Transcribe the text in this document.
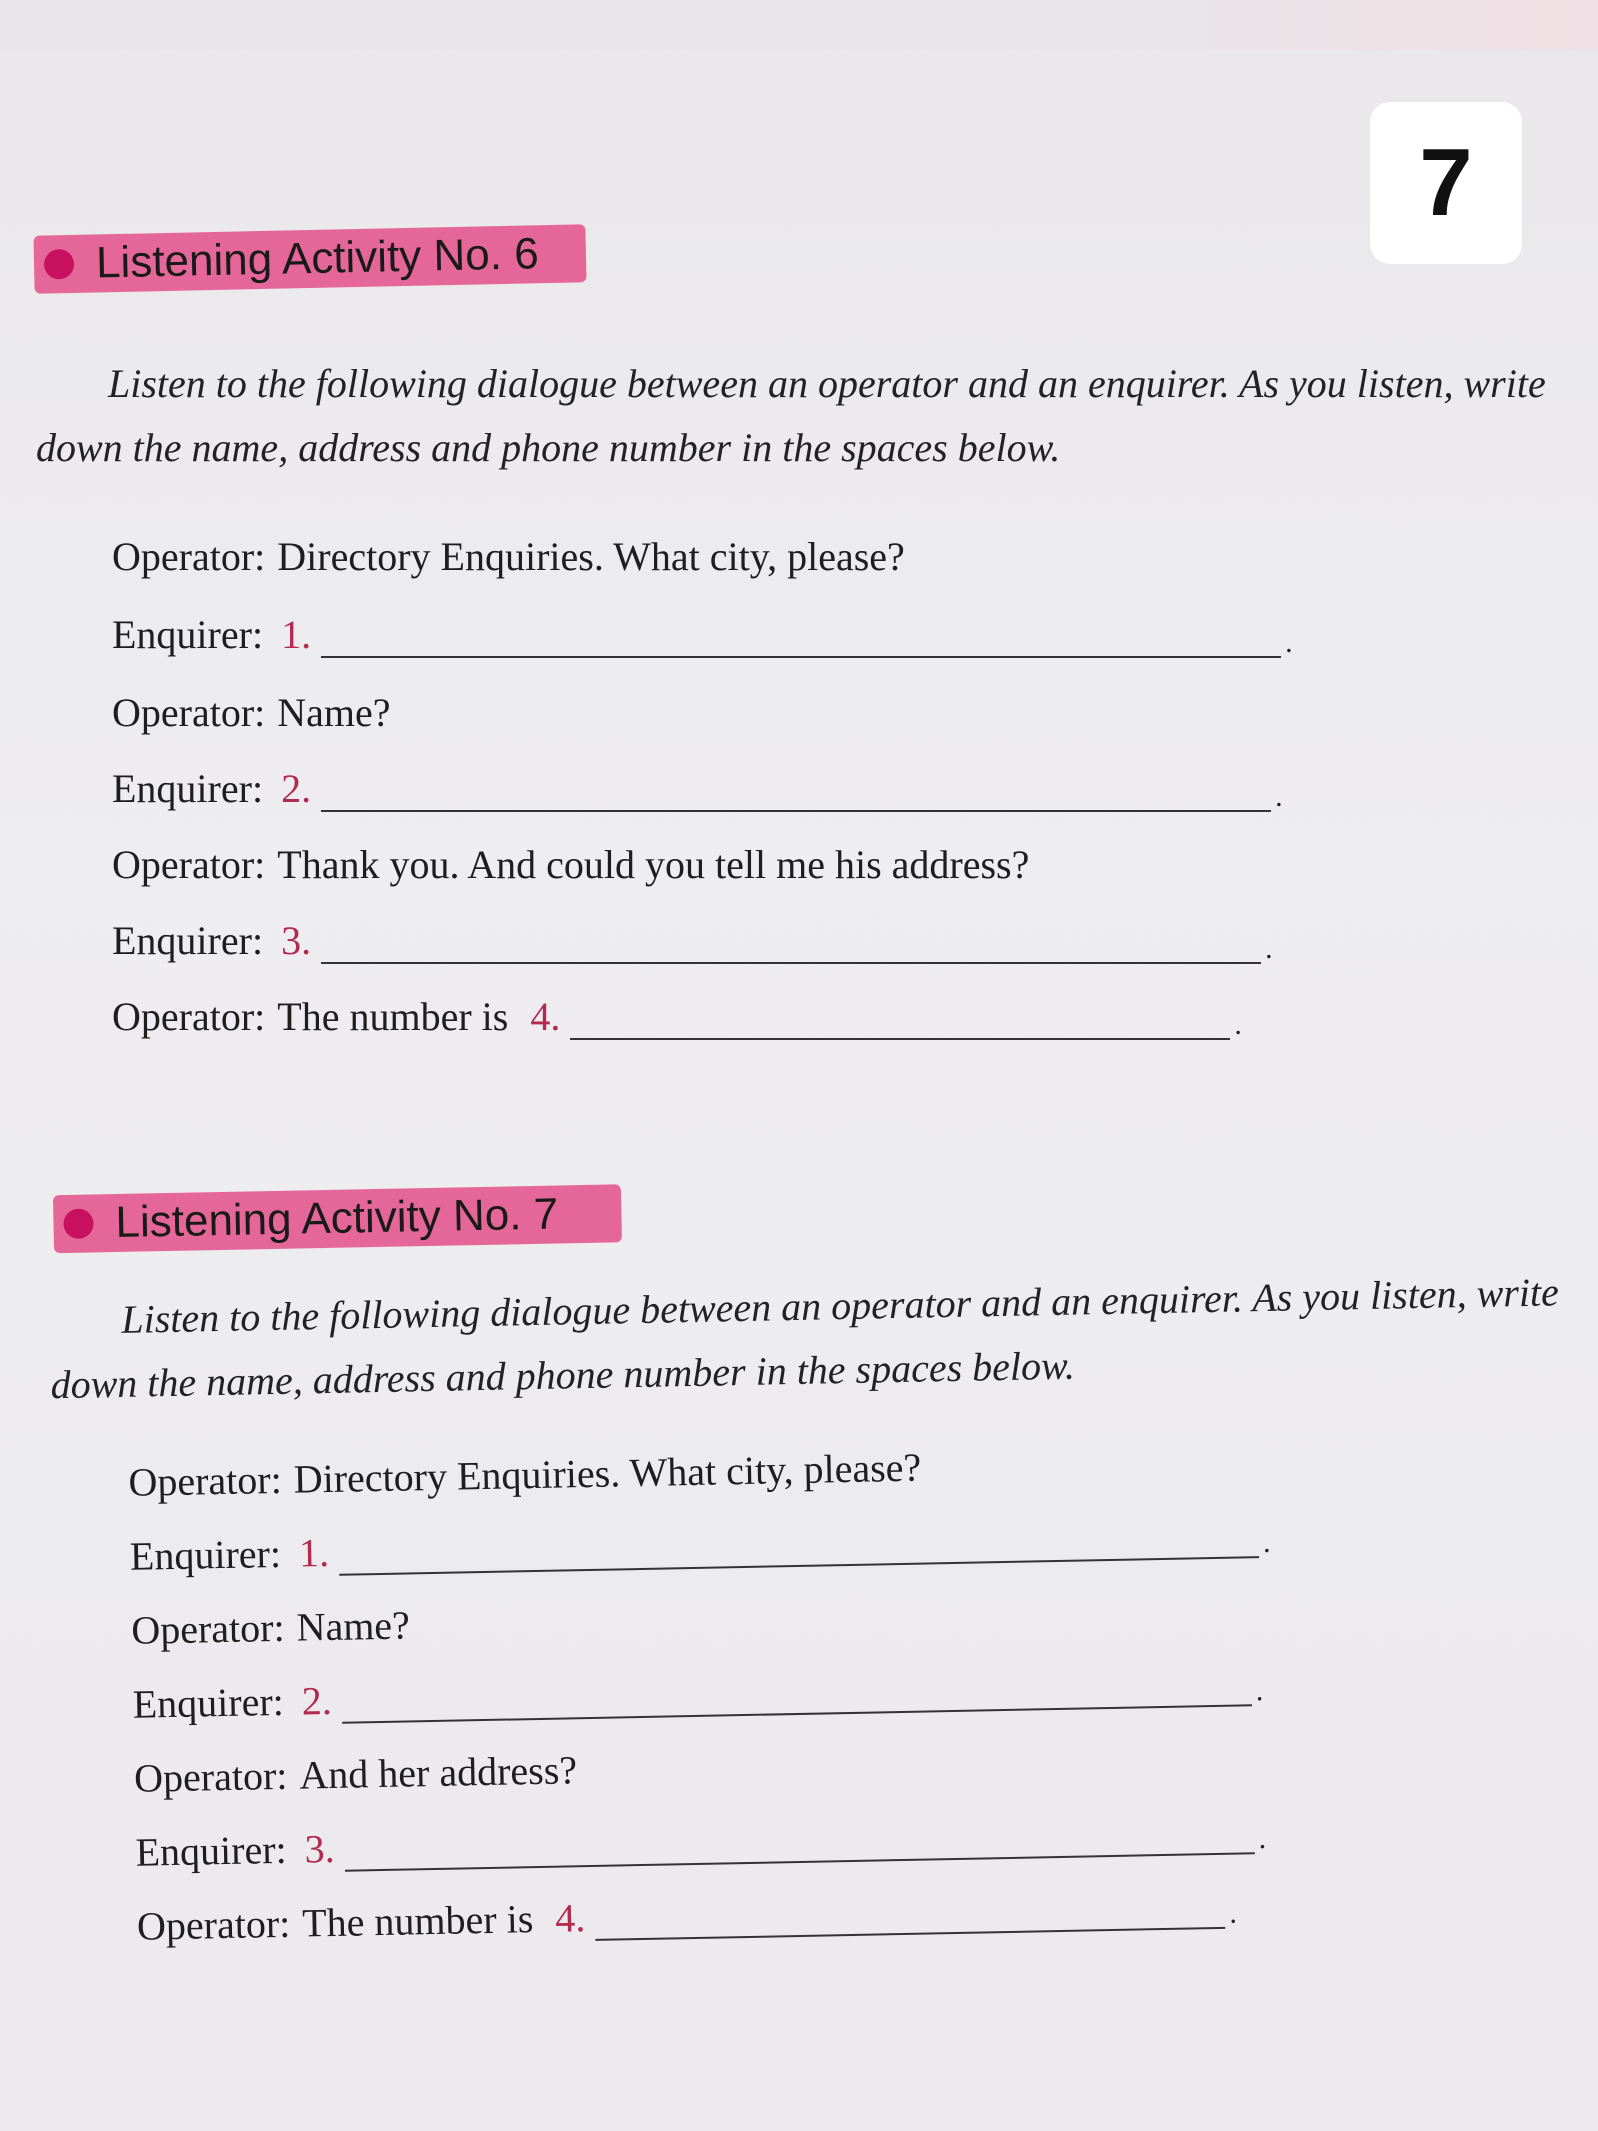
7
Listening Activity No. 6

Listen to the following dialogue between an operator and an enquirer. As you listen, write down the name, address and phone number in the spaces below.

Operator: Directory Enquiries. What city, please?
Enquirer: 1.	.
Operator: Name?
Enquirer: 2.	.
Operator: Thank you. And could you tell me his address?
Enquirer: 3.	.
Operator: The number is 4.	.
Listening Activity No. 7

Listen to the following dialogue between an operator and an enquirer. As you listen, write down the name, address and phone number in the spaces below.

Operator: Directory Enquiries. What city, please?
Enquirer: 1.	.
Operator: Name?
Enquirer: 2.	.
Operator: And her address?
Enquirer: 3.	.
Operator: The number is 4.	.
